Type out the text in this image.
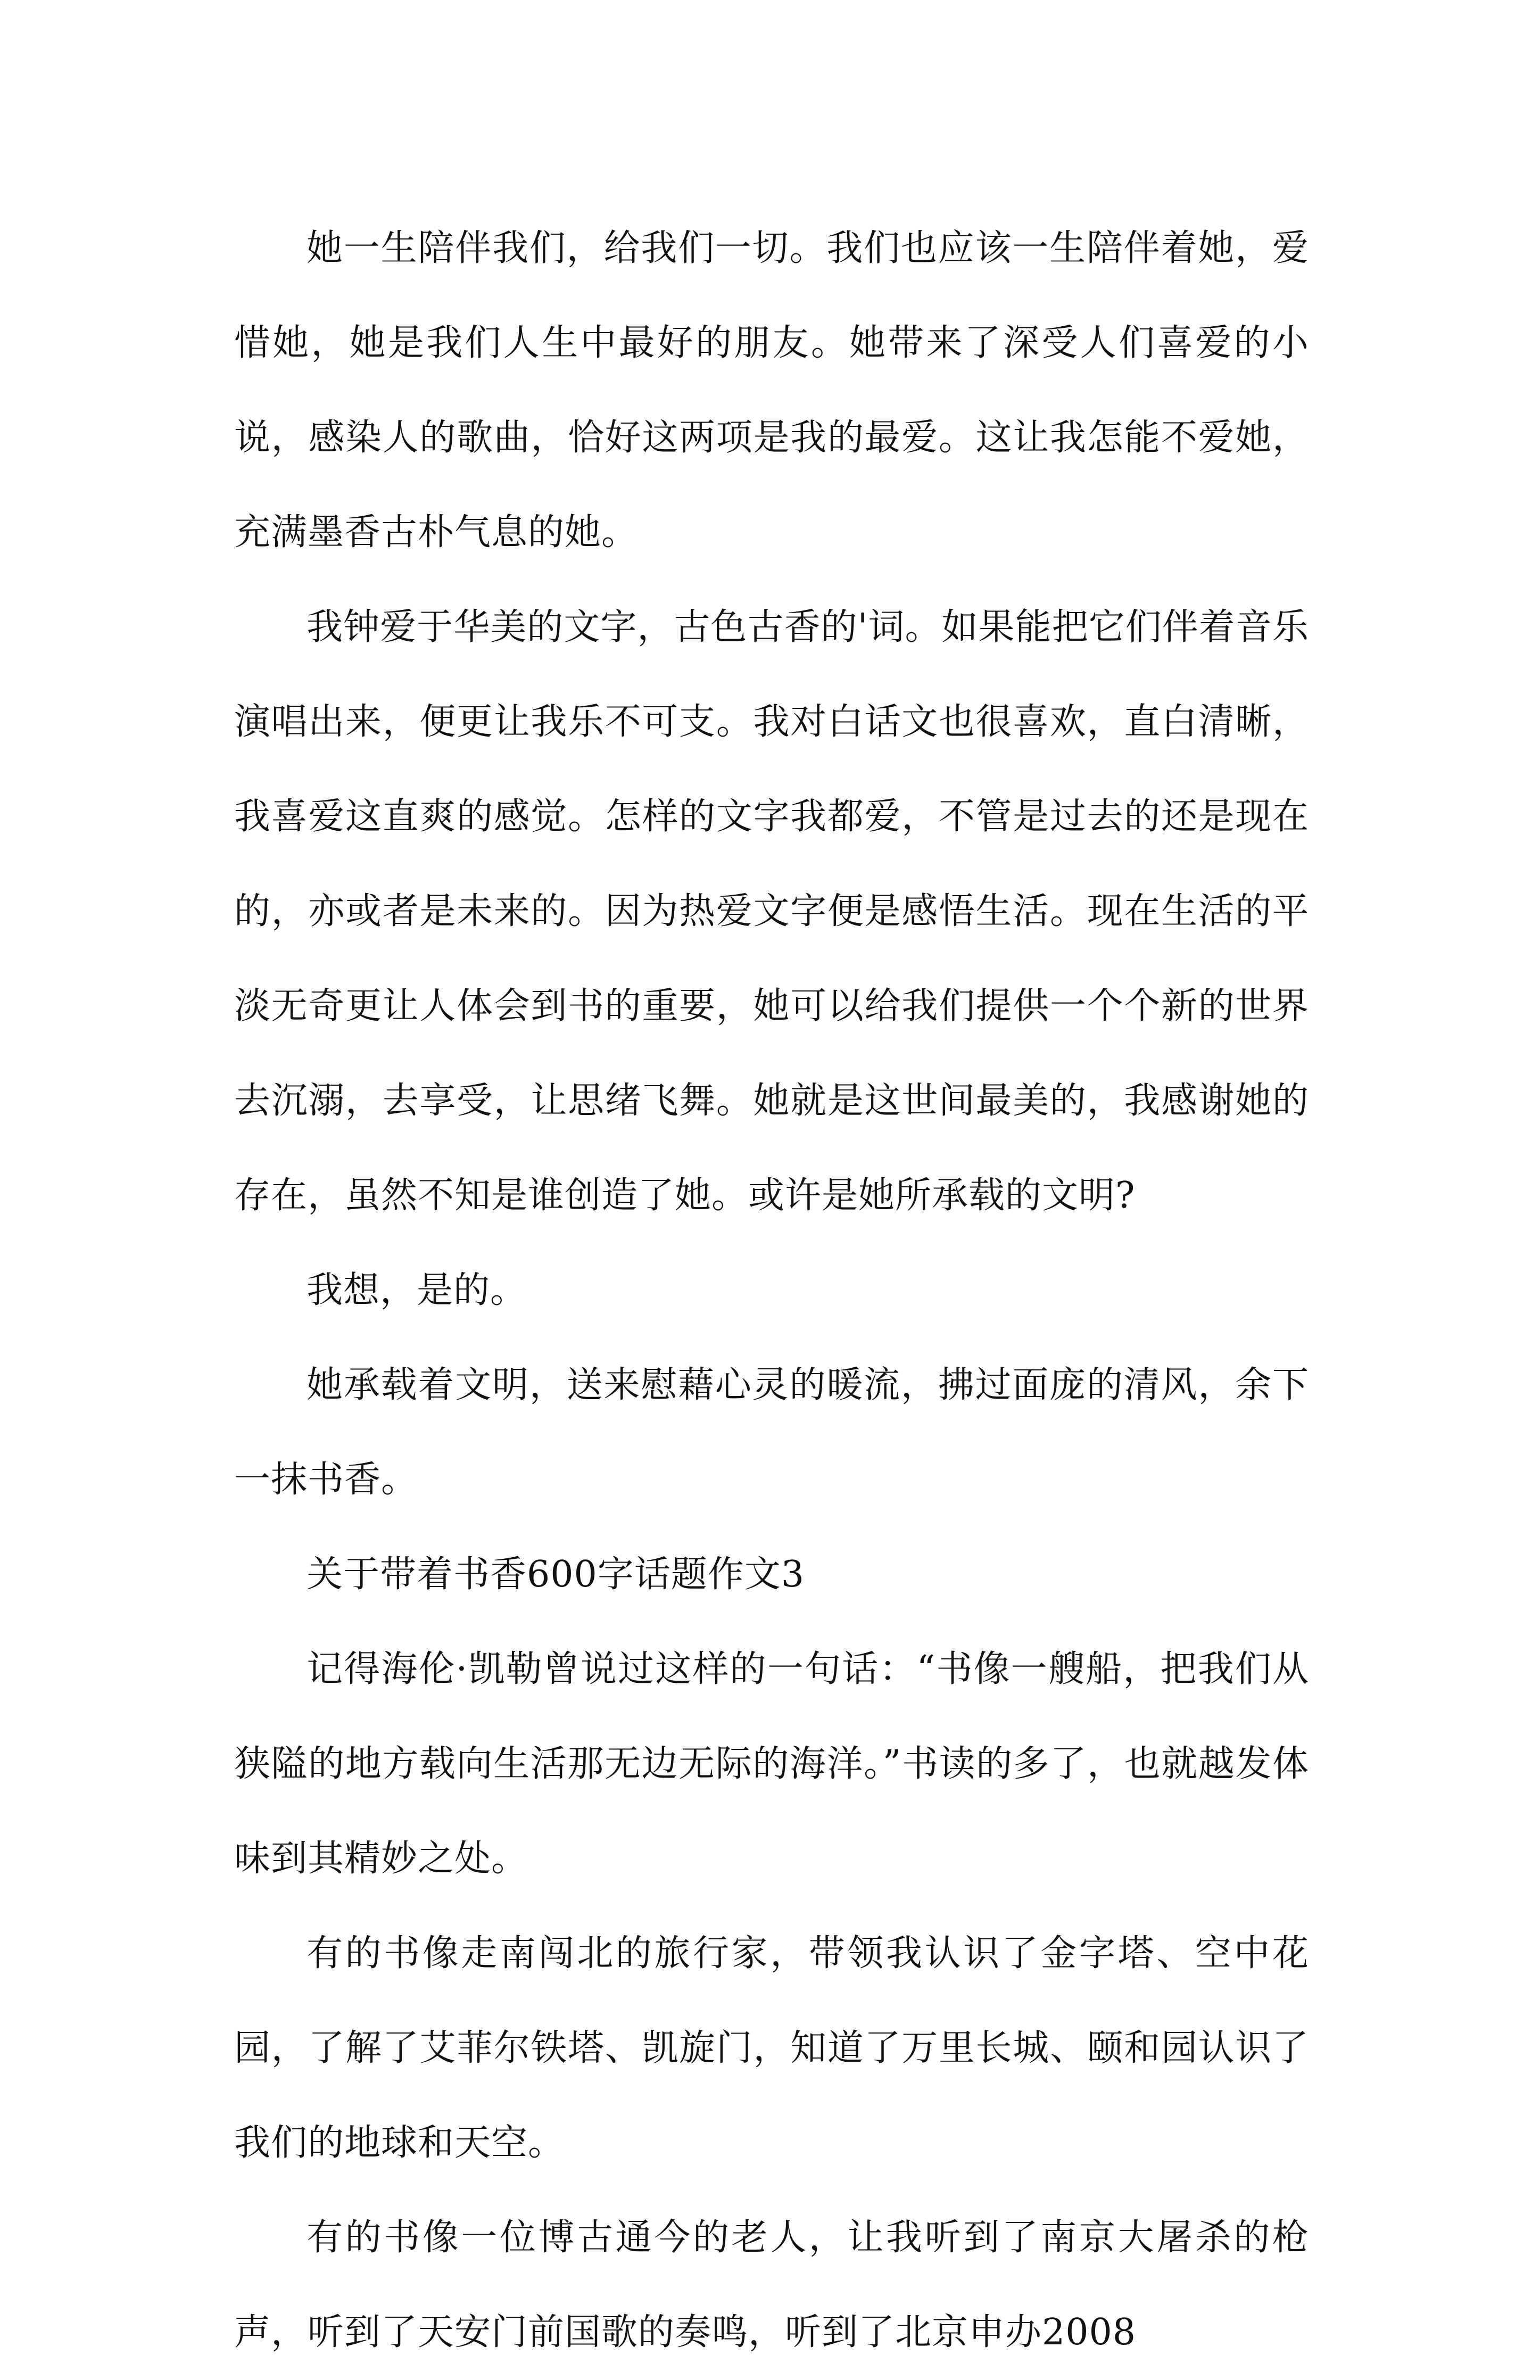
她一生陪伴我们，给我们一切。我们也应该一生陪伴着她，爱惜她，她是我们人生中最好的朋友。她带来了深受人们喜爱的小说，感染人的歌曲，恰好这两项是我的最爱。这让我怎能不爱她，充满墨香古朴气息的她。

我钟爱于华美的文字，古色古香的'词。如果能把它们伴着音乐演唱出来，便更让我乐不可支。我对白话文也很喜欢，直白清晰，我喜爱这直爽的感觉。怎样的文字我都爱，不管是过去的还是现在的，亦或者是未来的。因为热爱文字便是感悟生活。现在生活的平淡无奇更让人体会到书的重要，她可以给我们提供一个个新的世界去沉溺，去享受，让思绪飞舞。她就是这世间最美的，我感谢她的存在，虽然不知是谁创造了她。或许是她所承载的文明?

我想，是的。

她承载着文明，送来慰藉心灵的暖流，拂过面庞的清风，余下一抹书香。

关于带着书香600字话题作文3

记得海伦·凯勒曾说过这样的一句话：“书像一艘船，把我们从狭隘的地方载向生活那无边无际的海洋。”书读的多了，也就越发体味到其精妙之处。

有的书像走南闯北的旅行家，带领我认识了金字塔、空中花园，了解了艾菲尔铁塔、凯旋门，知道了万里长城、颐和园认识了我们的地球和天空。

有的书像一位博古通今的老人，让我听到了南京大屠杀的枪声，听到了天安门前国歌的奏鸣，听到了北京申办2008
